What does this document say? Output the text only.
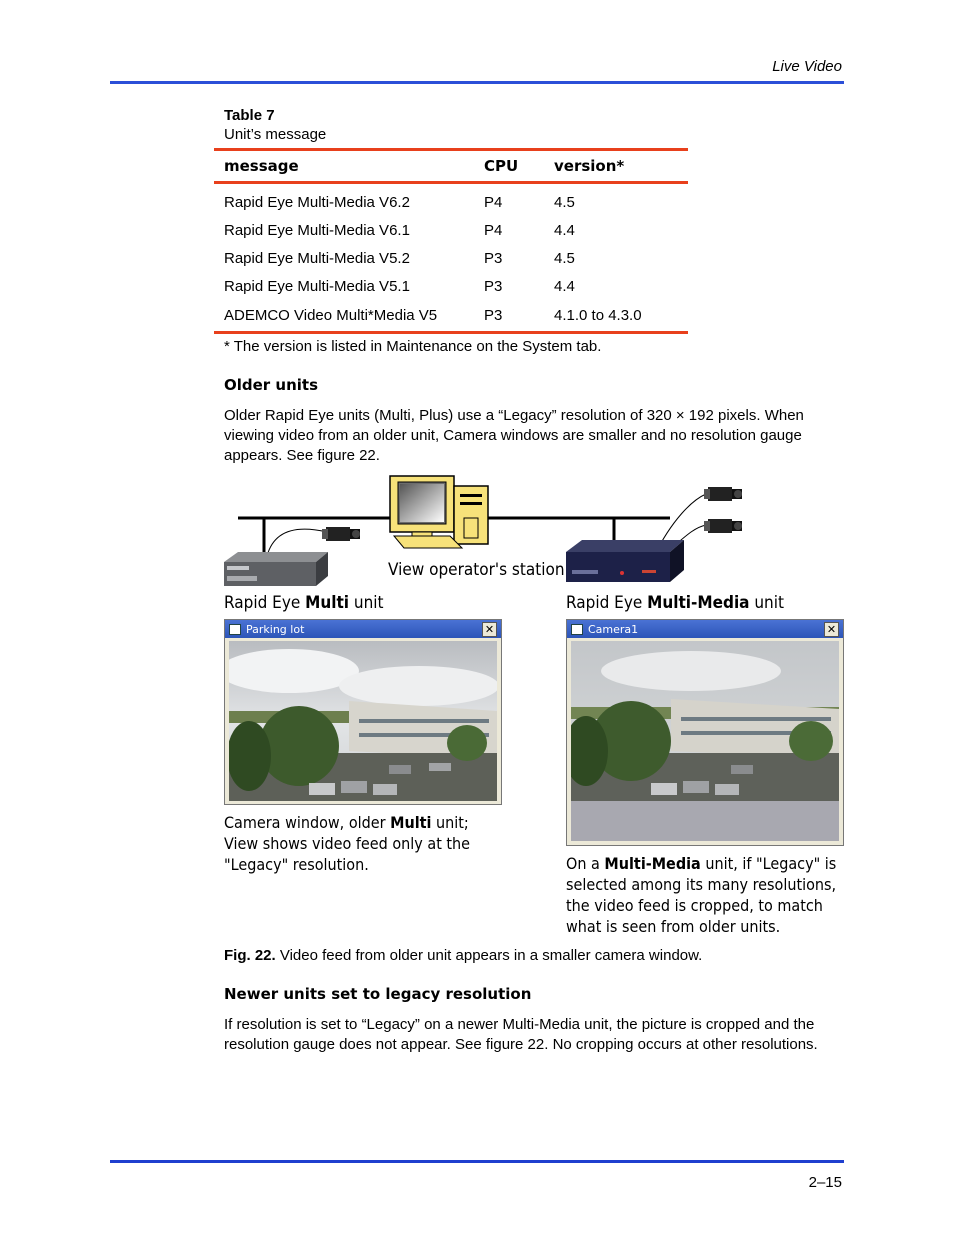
Live Video
Table 7
Unit’s message
message	CPU	version*

Rapid Eye Multi-Media V6.2	P4	4.5
Rapid Eye Multi-Media V6.1	P4	4.4
Rapid Eye Multi-Media V5.2	P3	4.5
Rapid Eye Multi-Media V5.1	P3	4.4
ADEMCO Video Multi*Media V5	P3	4.1.0 to 4.3.0
* The version is listed in Maintenance on the System tab.
Older units
Older Rapid Eye units (Multi, Plus) use a “Legacy” resolution of 320 × 192 pixels. When viewing video from an older unit, Camera windows are smaller and no resolution gauge appears. See figure 22.
View operator's station
Rapid Eye Multi unit	Rapid Eye Multi-Media unit
Parking lot	✕	Camera1	✕
Camera window, older Multi unit; View shows video feed only at the "Legacy" resolution.	On a Multi-Media unit, if "Legacy" is selected among its many resolutions, the video feed is cropped, to match what is seen from older units.
Fig. 22. Video feed from older unit appears in a smaller camera window.
Newer units set to legacy resolution
If resolution is set to “Legacy” on a newer Multi-Media unit, the picture is cropped and the resolution gauge does not appear. See figure 22. No cropping occurs at other resolutions.
2–15
